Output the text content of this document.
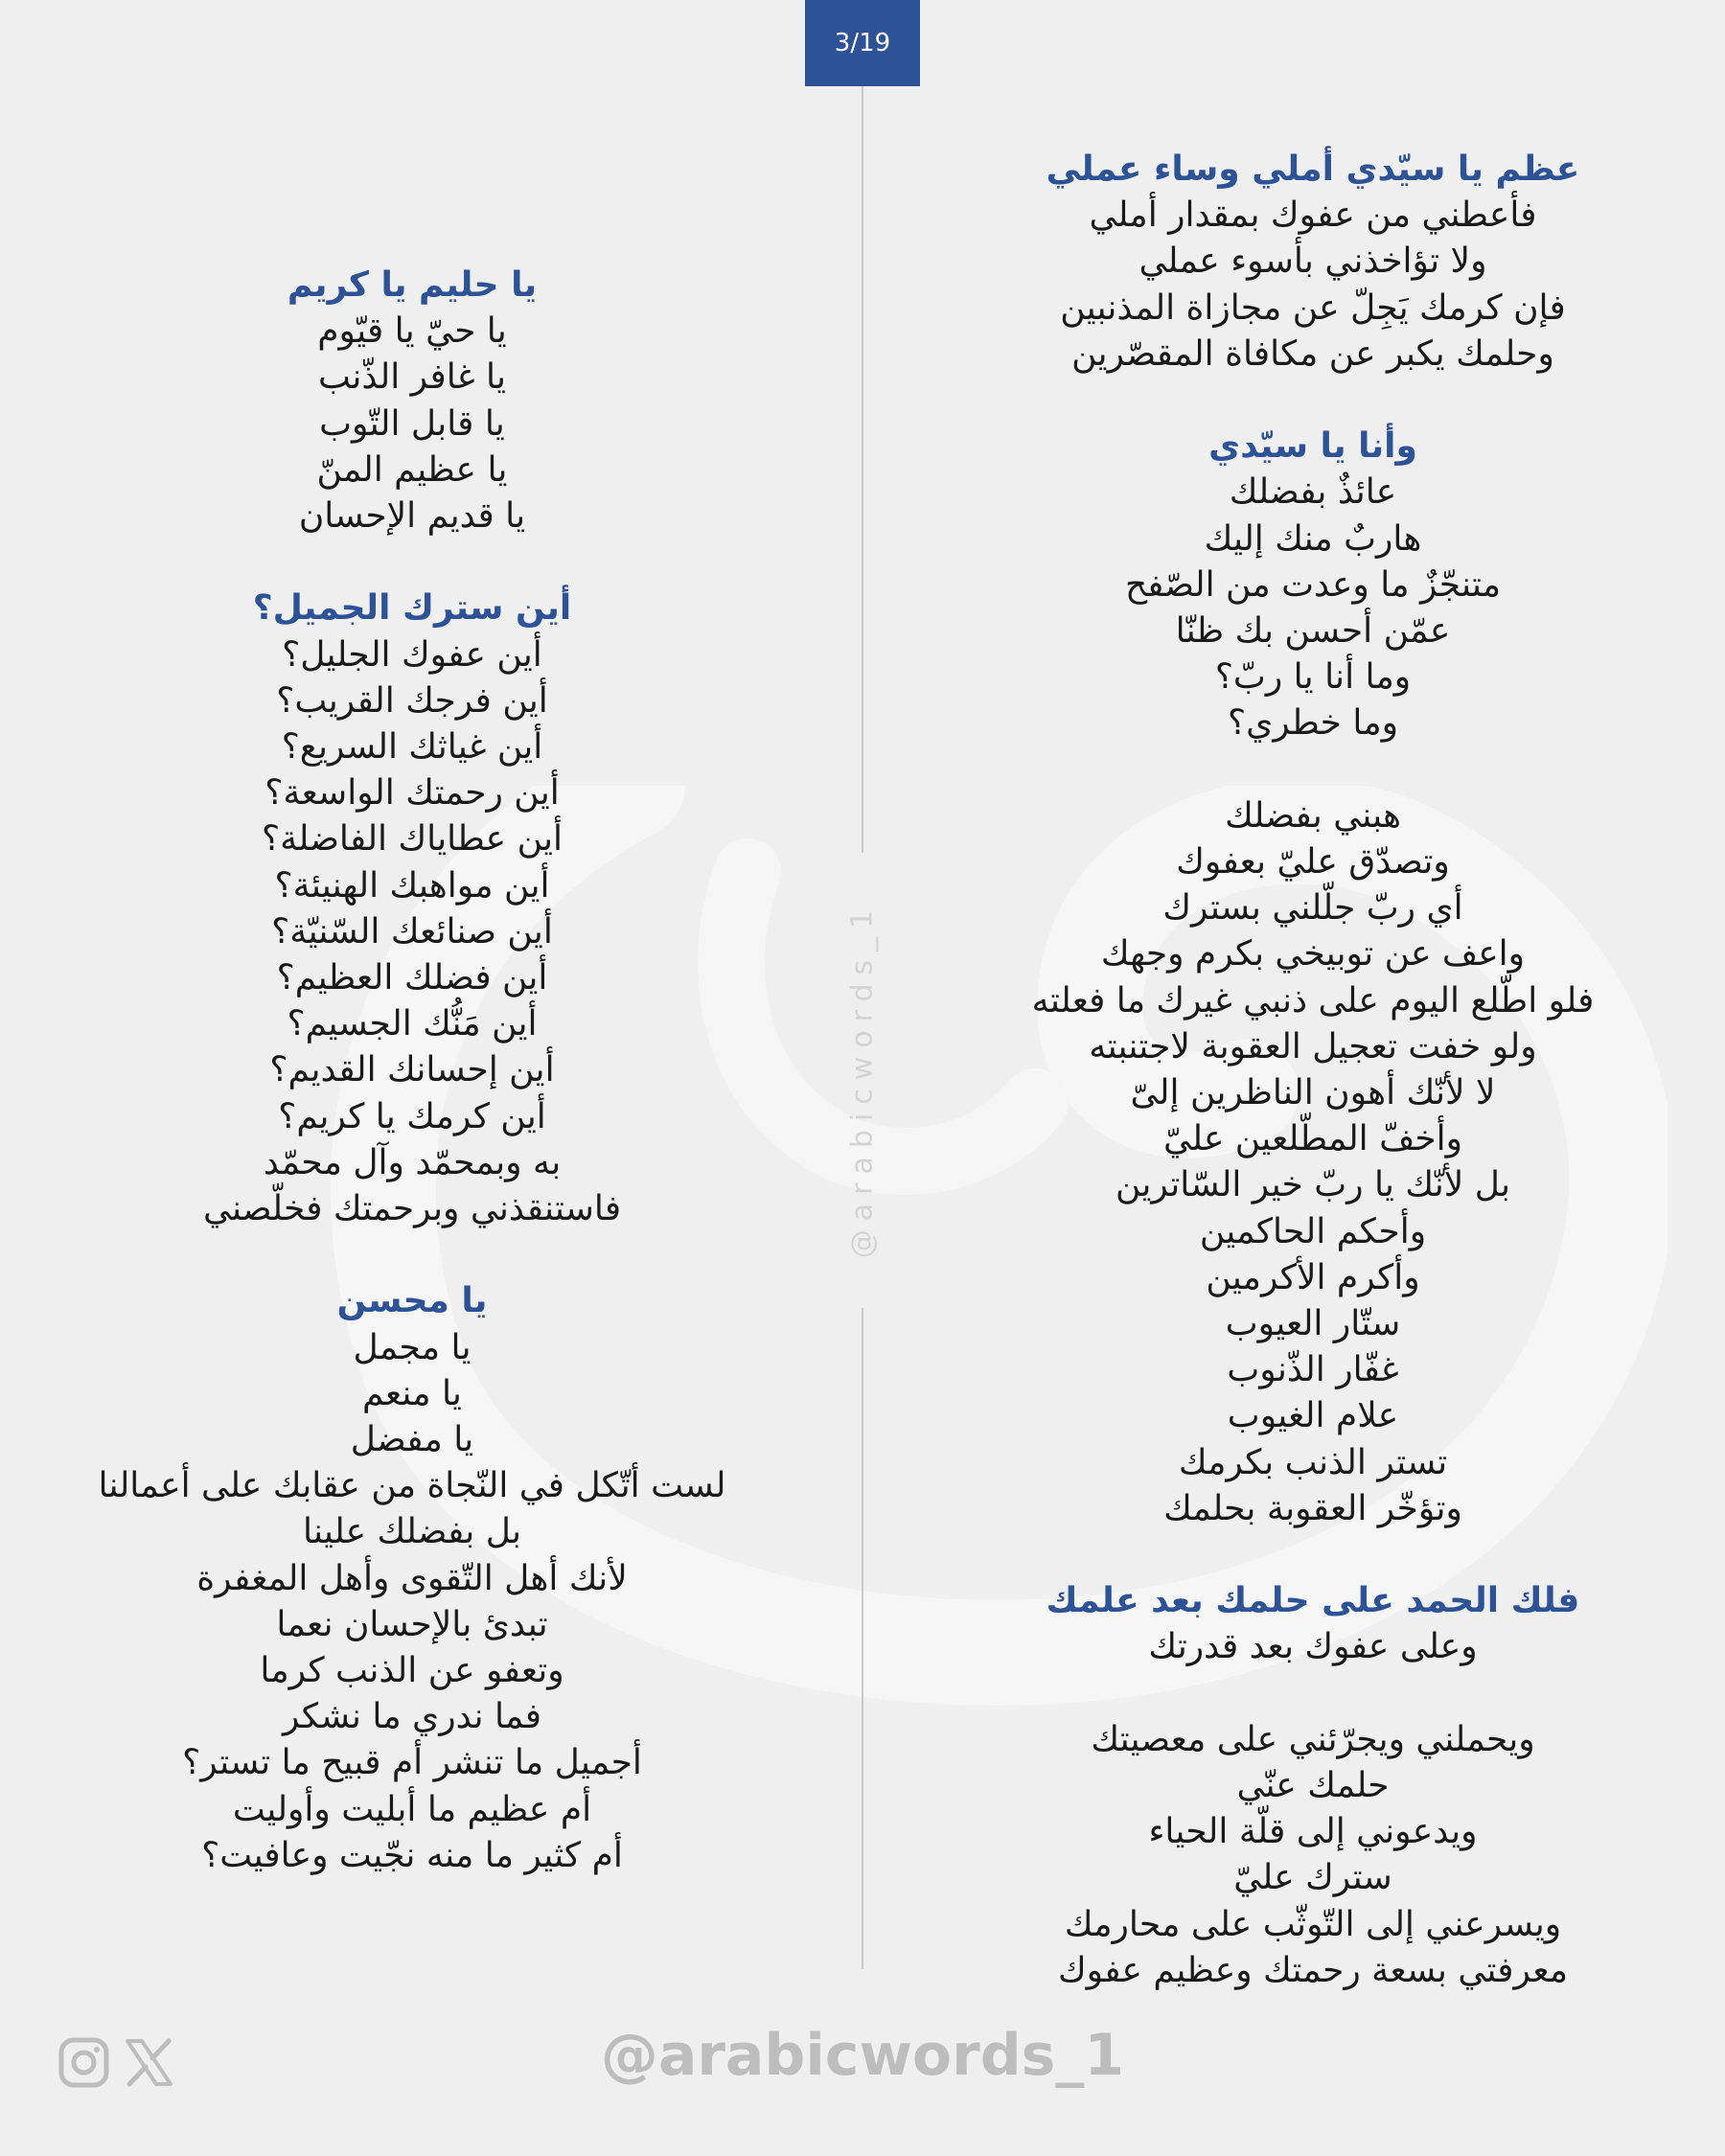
3/19
@arabicwords_1
عظم يا سيّدي أملي وساء عملي
فأعطني من عفوك بمقدار أملي
ولا تؤاخذني بأسوء عملي
فإن كرمك يَجِلّ عن مجازاة المذنبين
وحلمك يكبر عن مكافاة المقصّرين
وأنا يا سيّدي
عائذٌ بفضلك
هاربٌ منك إليك
متنجّزٌ ما وعدت من الصّفح
عمّن أحسن بك ظنّا
وما أنا يا ربّ؟
وما خطري؟
هبني بفضلك
وتصدّق عليّ بعفوك
أي ربّ جلّلني بسترك
واعف عن توبيخي بكرم وجهك
فلو اطّلع اليوم على ذنبي غيرك ما فعلته
ولو خفت تعجيل العقوبة لاجتنبته
لا لأنّك أهون الناظرين إلىّ
وأخفّ المطّلعين عليّ
بل لأنّك يا ربّ خير السّاترين
وأحكم الحاكمين
وأكرم الأكرمين
ستّار العيوب
غفّار الذّنوب
علام الغيوب
تستر الذنب بكرمك
وتؤخّر العقوبة بحلمك
فلك الحمد على حلمك بعد علمك
وعلى عفوك بعد قدرتك
ويحملني ويجرّئني على معصيتك
حلمك عنّي
ويدعوني إلى قلّة الحياء
سترك عليّ
ويسرعني إلى التّوثّب على محارمك
معرفتي بسعة رحمتك وعظيم عفوك
يا حليم يا كريم
يا حيّ يا قيّوم
يا غافر الذّنب
يا قابل التّوب
يا عظيم المنّ
يا قديم الإحسان
أين سترك الجميل؟
أين عفوك الجليل؟
أين فرجك القريب؟
أين غياثك السريع؟
أين رحمتك الواسعة؟
أين عطاياك الفاضلة؟
أين مواهبك الهنيئة؟
أين صنائعك السّنيّة؟
أين فضلك العظيم؟
أين مَنُّك الجسيم؟
أين إحسانك القديم؟
أين كرمك يا كريم؟
به وبمحمّد وآل محمّد
فاستنقذني وبرحمتك فخلّصني
يا محسن
يا مجمل
يا منعم
يا مفضل
لست أتّكل في النّجاة من عقابك على أعمالنا
بل بفضلك علينا
لأنك أهل التّقوى وأهل المغفرة
تبدئ بالإحسان نعما
وتعفو عن الذنب كرما
فما ندري ما نشكر
أجميل ما تنشر أم قبيح ما تستر؟
أم عظيم ما أبليت وأوليت
أم كثير ما منه نجّيت وعافيت؟
@arabicwords_1
